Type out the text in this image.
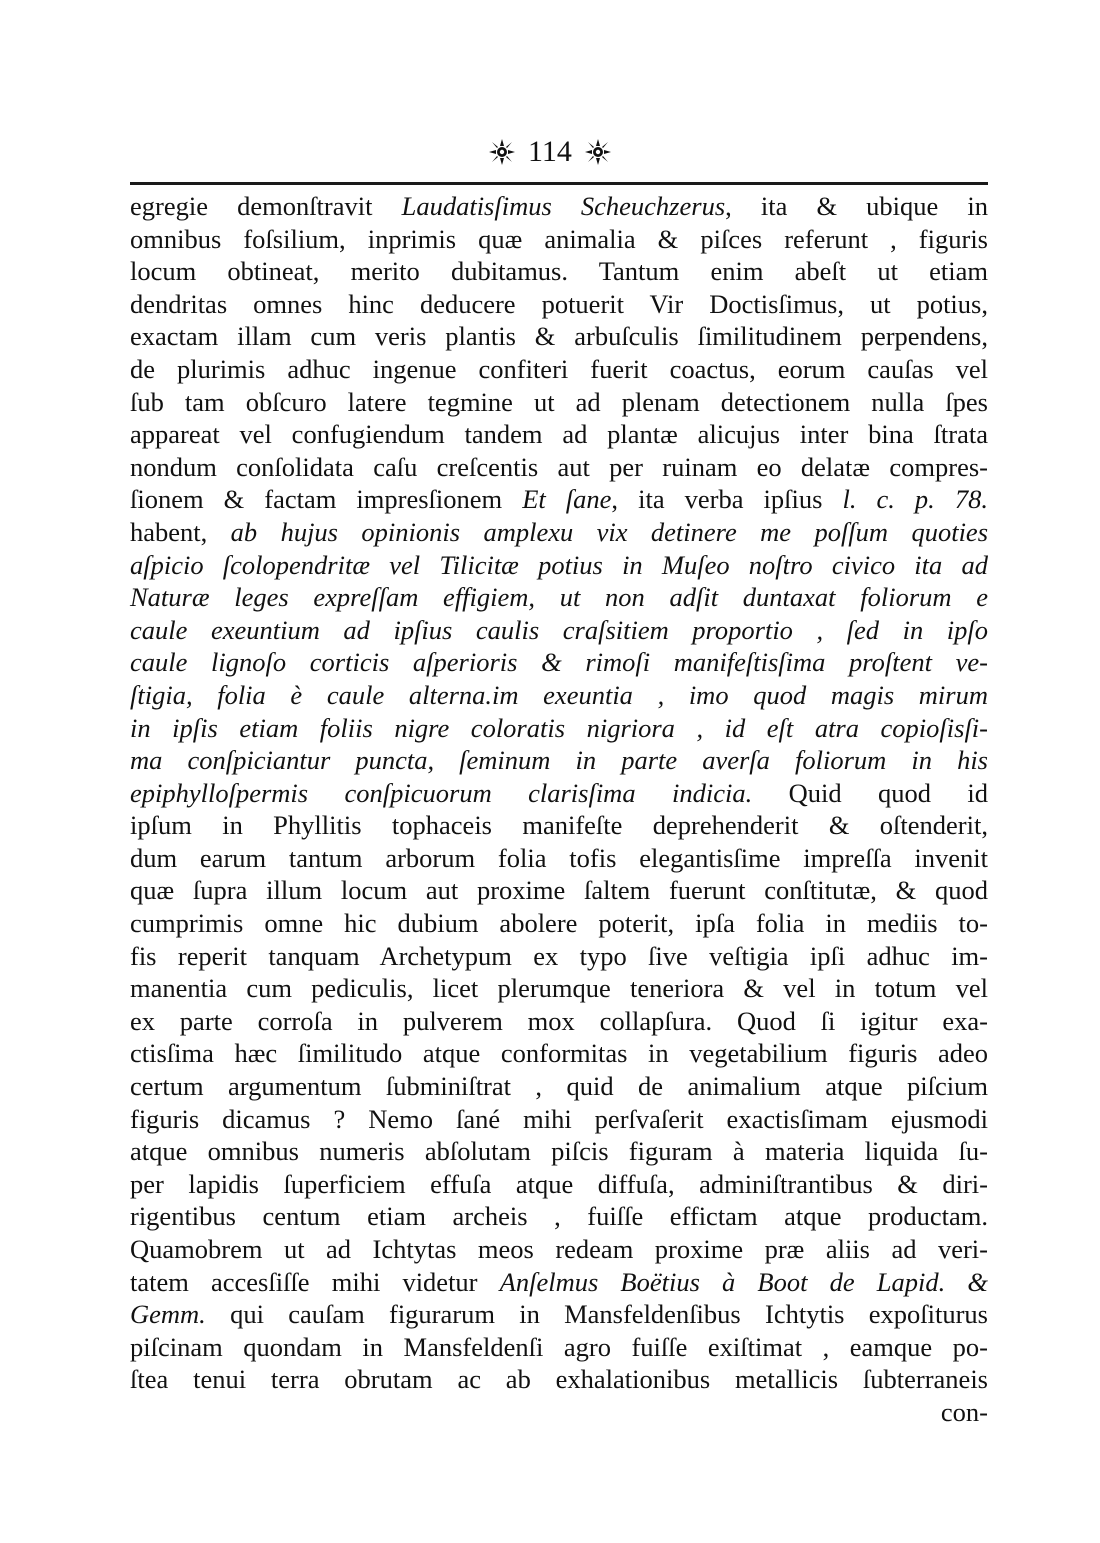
114
egregie demonſtravit Laudatisſimus Scheuchzerus, ita & ubique in
omnibus foſsilium, inprimis quæ animalia & piſces referunt , figuris
locum obtineat, merito dubitamus. Tantum enim abeſt ut etiam
dendritas omnes hinc deducere potuerit Vir Doctisſimus, ut potius,
exactam illam cum veris plantis & arbuſculis ſimilitudinem perpendens,
de plurimis adhuc ingenue confiteri fuerit coactus, eorum cauſas vel
ſub tam obſcuro latere tegmine ut ad plenam detectionem nulla ſpes
appareat vel confugiendum tandem ad plantæ alicujus inter bina ſtrata
nondum conſolidata caſu creſcentis aut per ruinam eo delatæ compres-
ſionem & factam impresſionem Et ſane, ita verba ipſius l. c. p. 78.
habent, ab hujus opinionis amplexu vix detinere me poſſum quoties
aſpicio ſcolopendritæ vel Tilicitæ potius in Muſeo noſtro civico ita ad
Naturæ leges expreſſam effigiem, ut non adſit duntaxat foliorum e
caule exeuntium ad ipſius caulis craſsitiem proportio , ſed in ipſo
caule lignoſo corticis aſperioris & rimoſi manifeſtisſima proſtent ve-
ſtigia, folia è caule alterna.im exeuntia , imo quod magis mirum
in ipſis etiam foliis nigre coloratis nigriora , id eſt atra copioſisſi-
ma conſpiciantur puncta, ſeminum in parte averſa foliorum in his
epiphylloſpermis conſpicuorum clarisſima indicia. Quid quod id
ipſum in Phyllitis tophaceis manifeſte deprehenderit & oſtenderit,
dum earum tantum arborum folia tofis elegantisſime impreſſa invenit
quæ ſupra illum locum aut proxime ſaltem fuerunt conſtitutæ, & quod
cumprimis omne hic dubium abolere poterit, ipſa folia in mediis to-
fis reperit tanquam Archetypum ex typo ſive veſtigia ipſi adhuc im-
manentia cum pediculis, licet plerumque teneriora & vel in totum vel
ex parte corroſa in pulverem mox collapſura. Quod ſi igitur exa-
ctisſima hæc ſimilitudo atque conformitas in vegetabilium figuris adeo
certum argumentum ſubminiſtrat , quid de animalium atque piſcium
figuris dicamus ? Nemo ſané mihi perſvaſerit exactisſimam ejusmodi
atque omnibus numeris abſolutam piſcis figuram à materia liquida ſu-
per lapidis ſuperficiem effuſa atque diffuſa, adminiſtrantibus & diri-
rigentibus centum etiam archeis , fuiſſe effictam atque productam.
Quamobrem ut ad Ichtytas meos redeam proxime præ aliis ad veri-
tatem accesſiſſe mihi videtur Anſelmus Boëtius à Boot de Lapid. &
Gemm. qui cauſam figurarum in Mansfeldenſibus Ichtytis expoſiturus
piſcinam quondam in Mansfeldenſi agro fuiſſe exiſtimat , eamque po-
ſtea tenui terra obrutam ac ab exhalationibus metallicis ſubterraneis
con-
